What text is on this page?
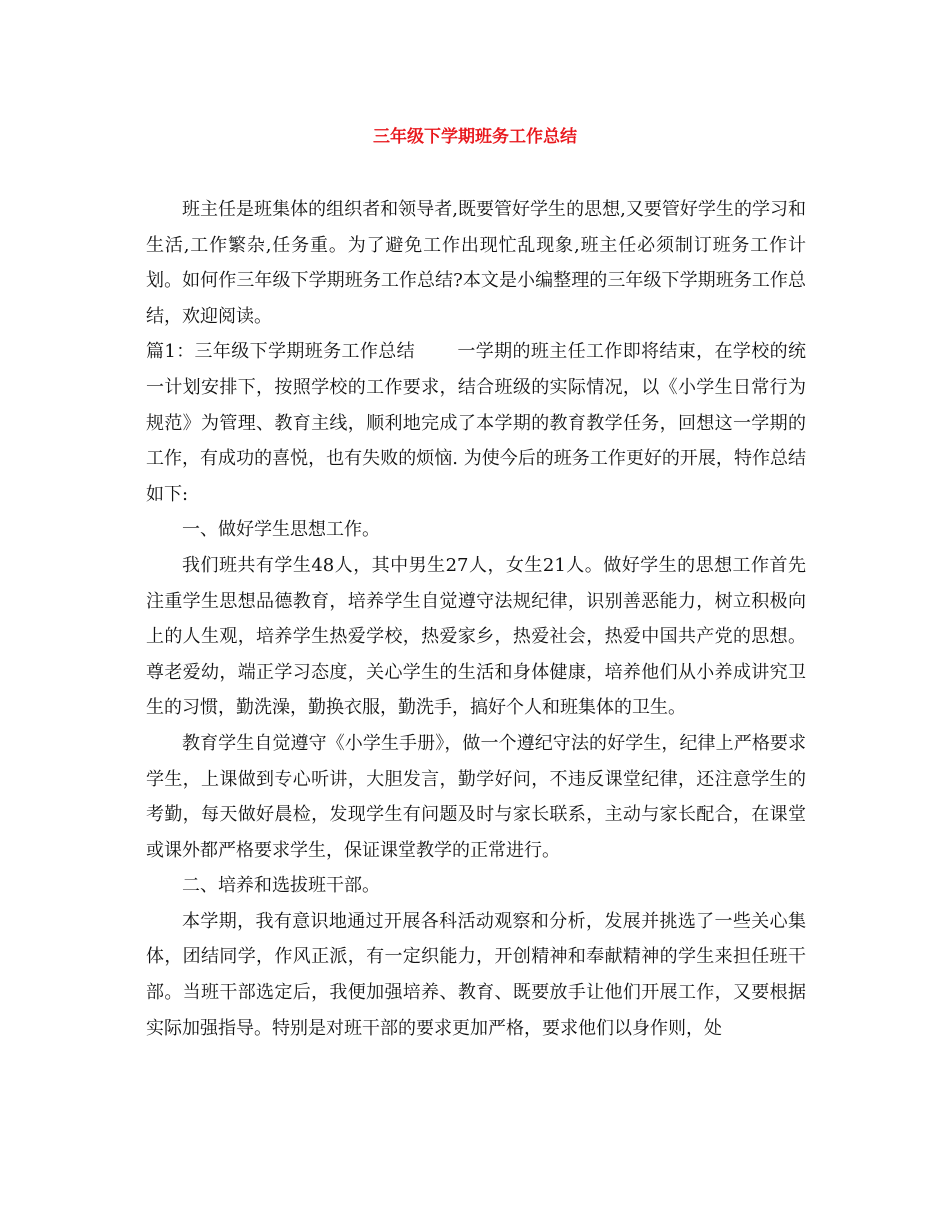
三年级下学期班务工作总结

班主任是班集体的组织者和领导者,既要管好学生的思想,又要管好学生的学习和生活,工作繁杂,任务重。为了避免工作出现忙乱现象,班主任必须制订班务工作计划。如何作三年级下学期班务工作总结?本文是小编整理的三年级下学期班务工作总结，欢迎阅读。

篇1：三年级下学期班务工作总结 一学期的班主任工作即将结束，在学校的统一计划安排下，按照学校的工作要求，结合班级的实际情况，以《小学生日常行为规范》为管理、教育主线，顺利地完成了本学期的教育教学任务，回想这一学期的工作，有成功的喜悦，也有失败的烦恼. 为使今后的班务工作更好的开展，特作总结如下:

一、做好学生思想工作。

我们班共有学生48人，其中男生27人，女生21人。做好学生的思想工作首先注重学生思想品德教育，培养学生自觉遵守法规纪律，识别善恶能力，树立积极向上的人生观，培养学生热爱学校，热爱家乡，热爱社会，热爱中国共产党的思想。尊老爱幼，端正学习态度，关心学生的生活和身体健康，培养他们从小养成讲究卫生的习惯，勤洗澡，勤换衣服，勤洗手，搞好个人和班集体的卫生。

教育学生自觉遵守《小学生手册》，做一个遵纪守法的好学生，纪律上严格要求学生，上课做到专心听讲，大胆发言，勤学好问，不违反课堂纪律，还注意学生的考勤，每天做好晨检，发现学生有问题及时与家长联系，主动与家长配合，在课堂或课外都严格要求学生，保证课堂教学的正常进行。

二、培养和选拔班干部。

本学期，我有意识地通过开展各科活动观察和分析，发展并挑选了一些关心集体，团结同学，作风正派，有一定织能力，开创精神和奉献精神的学生来担任班干部。当班干部选定后，我便加强培养、教育、既要放手让他们开展工作，又要根据实际加强指导。特别是对班干部的要求更加严格，要求他们以身作则，处
